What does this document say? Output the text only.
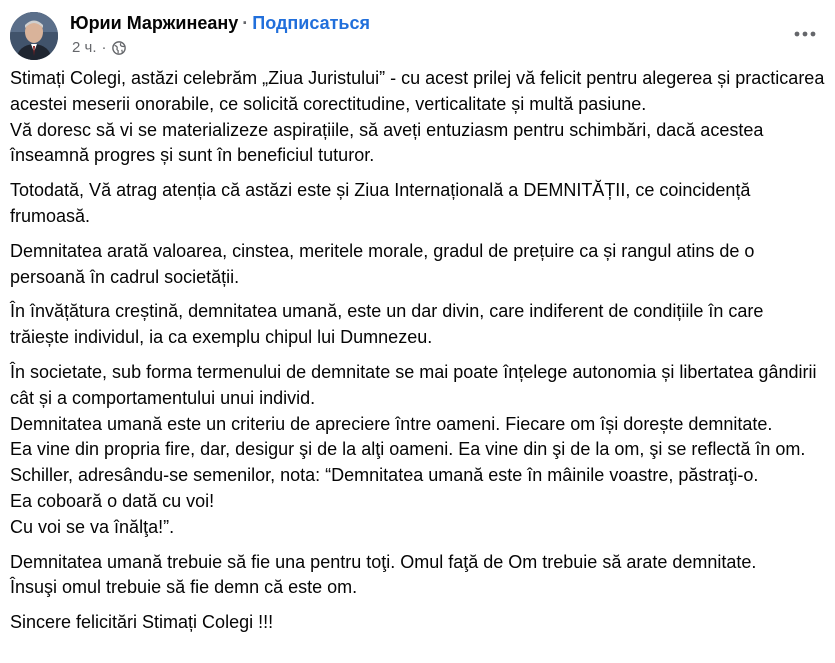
Юрии Маржинеану · Подписаться
2 ч. ·

Stimați Colegi, astăzi celebrăm „Ziua Juristului” - cu acest prilej vă felicit pentru alegerea și practicarea acestei meserii onorabile, ce solicită corectitudine, verticalitate și multă pasiune.
Vă doresc să vi se materializeze aspirațiile, să aveți entuziasm pentru schimbări, dacă acestea înseamnă progres și sunt în beneficiul tuturor.

Totodată, Vă atrag atenția că astăzi este și Ziua Internațională a DEMNITĂȚII, ce coincidență frumoasă.

Demnitatea arată valoarea, cinstea, meritele morale, gradul de prețuire ca și rangul atins de o persoană în cadrul societății.

În învățătura creștină, demnitatea umană, este un dar divin, care indiferent de condițiile în care trăiește individul, ia ca exemplu chipul lui Dumnezeu.

În societate, sub forma termenului de demnitate se mai poate înțelege autonomia și libertatea gândirii cât și a comportamentului unui individ.
Demnitatea umană este un criteriu de apreciere între oameni. Fiecare om își dorește demnitate.
Ea vine din propria fire, dar, desigur şi de la alţi oameni. Ea vine din şi de la om, şi se reflectă în om.
Schiller, adresându-se semenilor, nota: “Demnitatea umană este în mâinile voastre, păstraţi-o.
Ea coboară o dată cu voi!
Cu voi se va înălţa!”.

Demnitatea umană trebuie să fie una pentru toţi. Omul faţă de Om trebuie să arate demnitate.
Însuşi omul trebuie să fie demn că este om.

Sincere felicitări Stimați Colegi !!!
